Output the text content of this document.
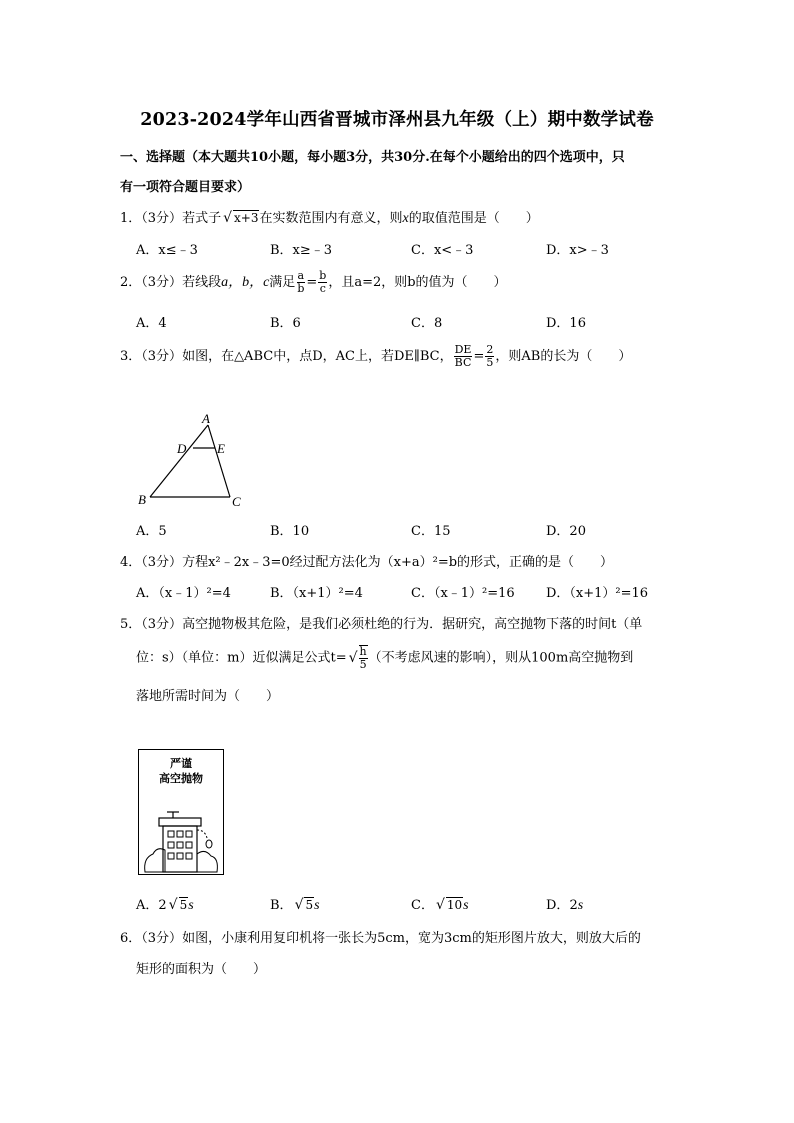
2023-2024学年山西省晋城市泽州县九年级（上）期中数学试卷
一、选择题（本大题共10小题，每小题3分，共30分.在每个小题给出的四个选项中，只
有一项符合题目要求）
1．（3分）若式子 √ x+3在实数范围内有意义，则x的取值范围是（　　）
A．x≤﹣3	B．x≥﹣3	C．x<﹣3	D．x>﹣3
2．（3分）若线段a，b，c满足 $\frac{a}{b} = \frac{b}{c}$ ，且a=2，则b的值为（　　）
A．4	B．6	C．8	D．16
3．（3分）如图，在△ABC中，点D，AC上，若DE∥BC， $\frac{DE}{BC} = \frac{2}{5}$ ，则AB的长为（　　）
A
D E
B	C
A．5	B．10	C．15	D．20
4．（3分）方程x²﹣2x﹣3=0经过配方法化为（x+a）²=b的形式，正确的是（　　）
A．（x﹣1）²=4	B．（x+1）²=4	C．（x﹣1）²=16 D．（x+1）²=16
5．（3分）高空抛物极其危险，是我们必须杜绝的行为．据研究，高空抛物下落的时间t（单
位：s）（单位：m）近似满足公式t= √ $\frac{h}{5}$ （不考虑风速的影响），则从100m高空抛物到
落地所需时间为（　　）
严谨
高空抛物
A．2 √ 5s	B． √ 5s	C． √ 10s	D．2s
6．（3分）如图，小康利用复印机将一张长为5cm，宽为3cm的矩形图片放大，则放大后的
矩形的面积为（　　）
